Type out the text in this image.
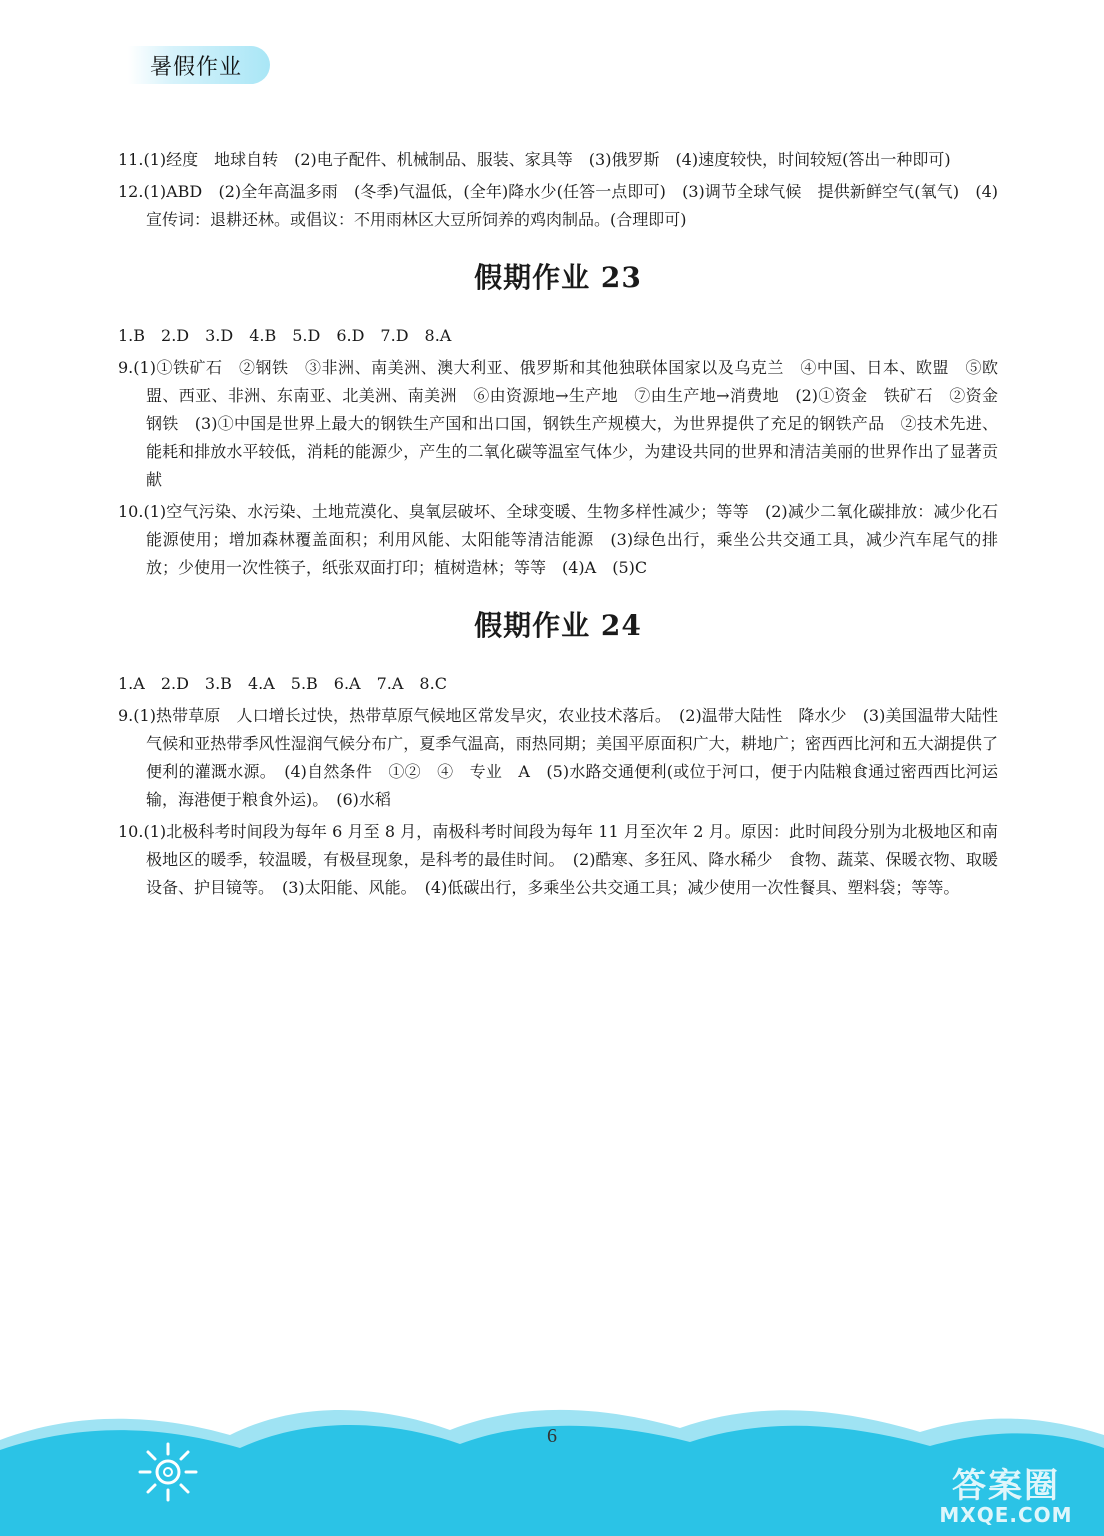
暑假作业
11.(1)经度　地球自转　(2)电子配件、机械制品、服装、家具等　(3)俄罗斯　(4)速度较快，时间较短(答出一种即可)
12.(1)ABD　(2)全年高温多雨　(冬季)气温低，(全年)降水少(任答一点即可)　(3)调节全球气候　提供新鲜空气(氧气)　(4)宣传词：退耕还林。或倡议：不用雨林区大豆所饲养的鸡肉制品。(合理即可)
假期作业 23
1.B　2.D　3.D　4.B　5.D　6.D　7.D　8.A
9.(1)①铁矿石　②钢铁　③非洲、南美洲、澳大利亚、俄罗斯和其他独联体国家以及乌克兰　④中国、日本、欧盟　⑤欧盟、西亚、非洲、东南亚、北美洲、南美洲　⑥由资源地→生产地　⑦由生产地→消费地　(2)①资金　铁矿石　②资金　钢铁　(3)①中国是世界上最大的钢铁生产国和出口国，钢铁生产规模大，为世界提供了充足的钢铁产品　②技术先进、能耗和排放水平较低，消耗的能源少，产生的二氧化碳等温室气体少，为建设共同的世界和清洁美丽的世界作出了显著贡献
10.(1)空气污染、水污染、土地荒漠化、臭氧层破坏、全球变暖、生物多样性减少；等等　(2)减少二氧化碳排放：减少化石能源使用；增加森林覆盖面积；利用风能、太阳能等清洁能源　(3)绿色出行，乘坐公共交通工具，减少汽车尾气的排放；少使用一次性筷子，纸张双面打印；植树造林；等等　(4)A　(5)C
假期作业 24
1.A　2.D　3.B　4.A　5.B　6.A　7.A　8.C
9.(1)热带草原　人口增长过快，热带草原气候地区常发旱灾，农业技术落后。　(2)温带大陆性　降水少　(3)美国温带大陆性气候和亚热带季风性湿润气候分布广，夏季气温高，雨热同期；美国平原面积广大，耕地广；密西西比河和五大湖提供了便利的灌溉水源。　(4)自然条件　①②　④　专业　A　(5)水路交通便利(或位于河口，便于内陆粮食通过密西西比河运输，海港便于粮食外运)。　(6)水稻
10.(1)北极科考时间段为每年 6 月至 8 月，南极科考时间段为每年 11 月至次年 2 月。原因：此时间段分别为北极地区和南极地区的暖季，较温暖，有极昼现象，是科考的最佳时间。　(2)酷寒、多狂风、降水稀少　食物、蔬菜、保暖衣物、取暖设备、护目镜等。　(3)太阳能、风能。　(4)低碳出行，多乘坐公共交通工具；减少使用一次性餐具、塑料袋；等等。
6
答案圈
MXQE.COM
